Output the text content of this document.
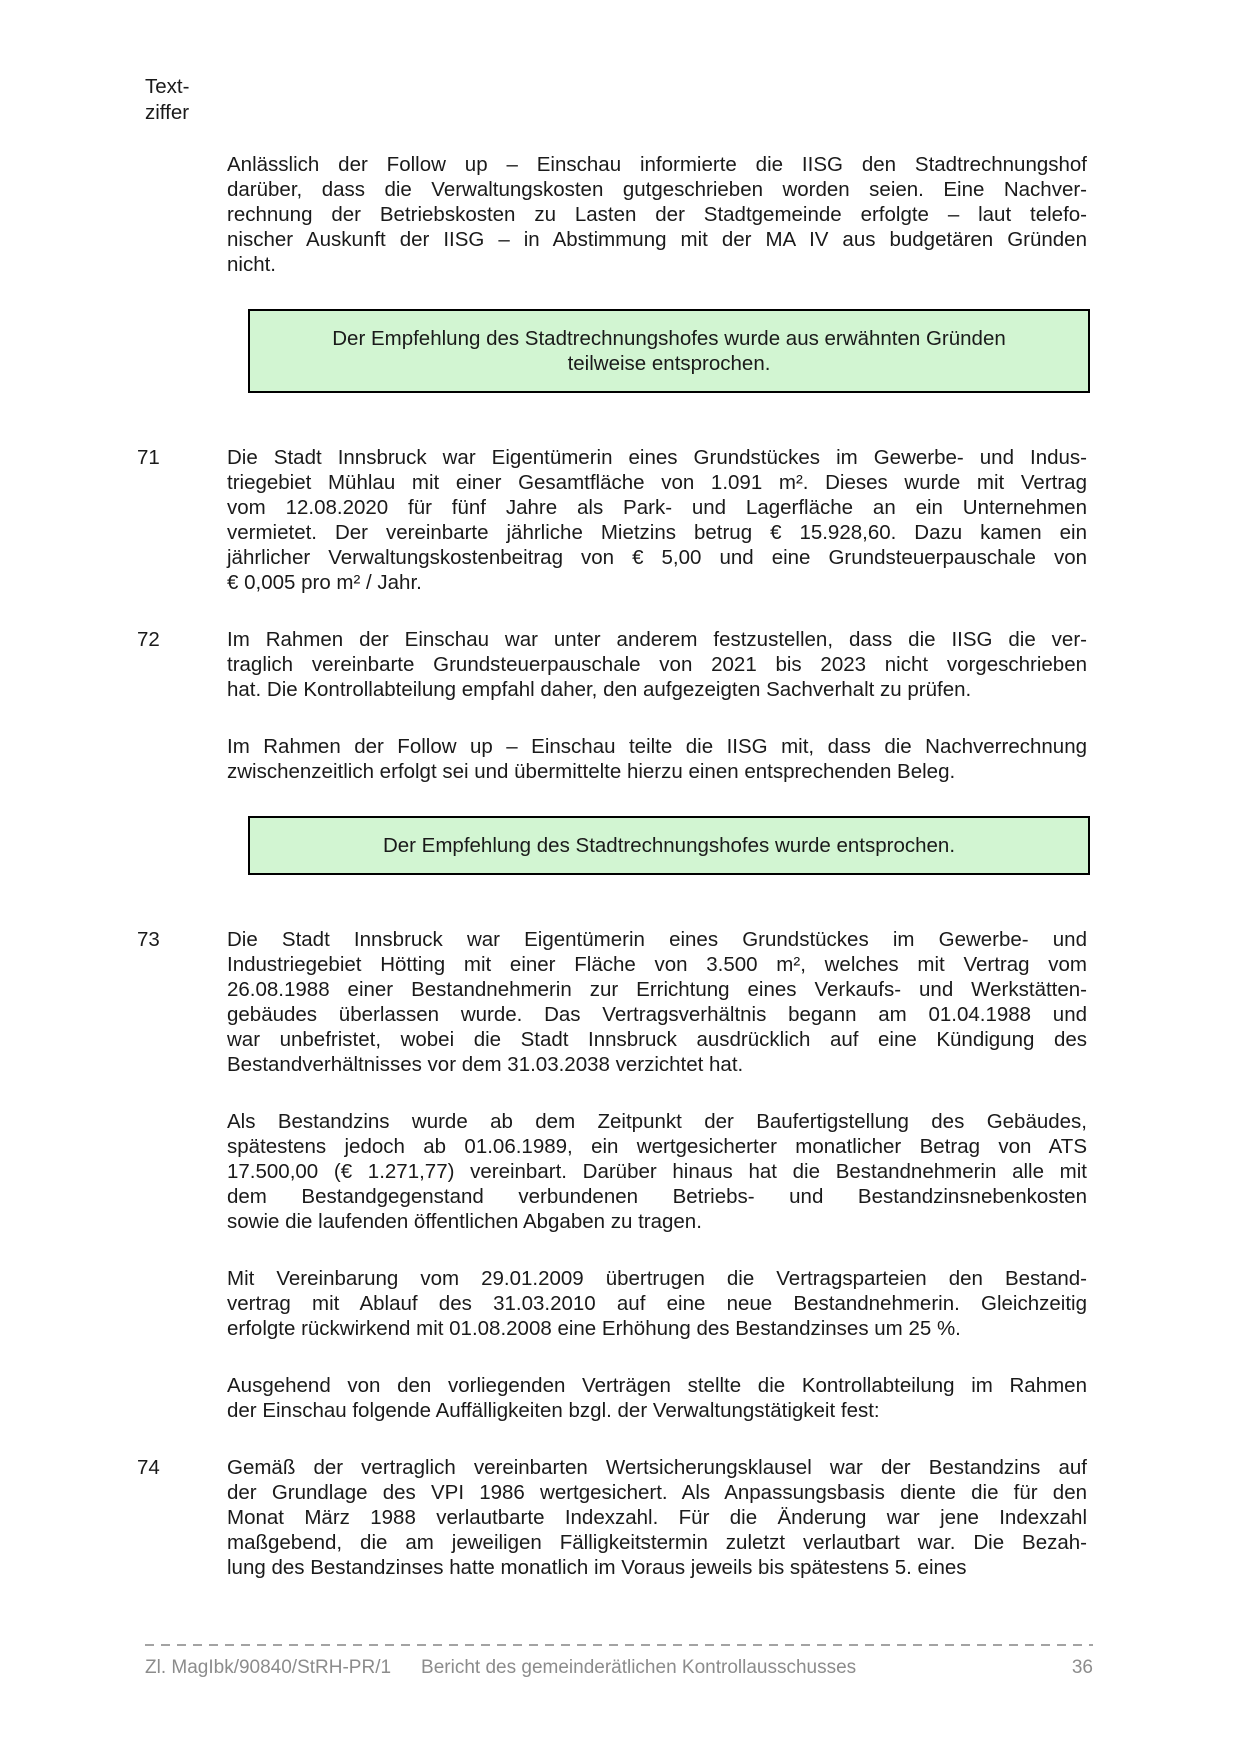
Text-
ziffer
Anlässlich der Follow up – Einschau informierte die IISG den Stadtrechnungshof
darüber, dass die Verwaltungskosten gutgeschrieben worden seien. Eine Nachver-
rechnung der Betriebskosten zu Lasten der Stadtgemeinde erfolgte – laut telefo-
nischer Auskunft der IISG – in Abstimmung mit der MA IV aus budgetären Gründen
nicht.
Der Empfehlung des Stadtrechnungshofes wurde aus erwähnten Gründen
teilweise entsprochen.
71	Die Stadt Innsbruck war Eigentümerin eines Grundstückes im Gewerbe- und Indus-
triegebiet Mühlau mit einer Gesamtfläche von 1.091 m². Dieses wurde mit Vertrag
vom 12.08.2020 für fünf Jahre als Park- und Lagerfläche an ein Unternehmen
vermietet. Der vereinbarte jährliche Mietzins betrug € 15.928,60. Dazu kamen ein
jährlicher Verwaltungskostenbeitrag von € 5,00 und eine Grundsteuerpauschale von
€ 0,005 pro m² / Jahr.
72	Im Rahmen der Einschau war unter anderem festzustellen, dass die IISG die ver-
traglich vereinbarte Grundsteuerpauschale von 2021 bis 2023 nicht vorgeschrieben
hat. Die Kontrollabteilung empfahl daher, den aufgezeigten Sachverhalt zu prüfen.
Im Rahmen der Follow up – Einschau teilte die IISG mit, dass die Nachverrechnung
zwischenzeitlich erfolgt sei und übermittelte hierzu einen entsprechenden Beleg.
Der Empfehlung des Stadtrechnungshofes wurde entsprochen.
73	Die Stadt Innsbruck war Eigentümerin eines Grundstückes im Gewerbe- und
Industriegebiet Hötting mit einer Fläche von 3.500 m², welches mit Vertrag vom
26.08.1988 einer Bestandnehmerin zur Errichtung eines Verkaufs- und Werkstätten-
gebäudes überlassen wurde. Das Vertragsverhältnis begann am 01.04.1988 und
war unbefristet, wobei die Stadt Innsbruck ausdrücklich auf eine Kündigung des
Bestandverhältnisses vor dem 31.03.2038 verzichtet hat.
Als Bestandzins wurde ab dem Zeitpunkt der Baufertigstellung des Gebäudes,
spätestens jedoch ab 01.06.1989, ein wertgesicherter monatlicher Betrag von ATS
17.500,00 (€ 1.271,77) vereinbart. Darüber hinaus hat die Bestandnehmerin alle mit
dem Bestandgegenstand verbundenen Betriebs- und Bestandzinsnebenkosten
sowie die laufenden öffentlichen Abgaben zu tragen.
Mit Vereinbarung vom 29.01.2009 übertrugen die Vertragsparteien den Bestand-
vertrag mit Ablauf des 31.03.2010 auf eine neue Bestandnehmerin. Gleichzeitig
erfolgte rückwirkend mit 01.08.2008 eine Erhöhung des Bestandzinses um 25 %.
Ausgehend von den vorliegenden Verträgen stellte die Kontrollabteilung im Rahmen
der Einschau folgende Auffälligkeiten bzgl. der Verwaltungstätigkeit fest:
74	Gemäß der vertraglich vereinbarten Wertsicherungsklausel war der Bestandzins auf
der Grundlage des VPI 1986 wertgesichert. Als Anpassungsbasis diente die für den
Monat März 1988 verlautbarte Indexzahl. Für die Änderung war jene Indexzahl
maßgebend, die am jeweiligen Fälligkeitstermin zuletzt verlautbart war. Die Bezah-
lung des Bestandzinses hatte monatlich im Voraus jeweils bis spätestens 5. eines
Zl. MagIbk/90840/StRH-PR/1 Bericht des gemeinderätlichen Kontrollausschusses	36
